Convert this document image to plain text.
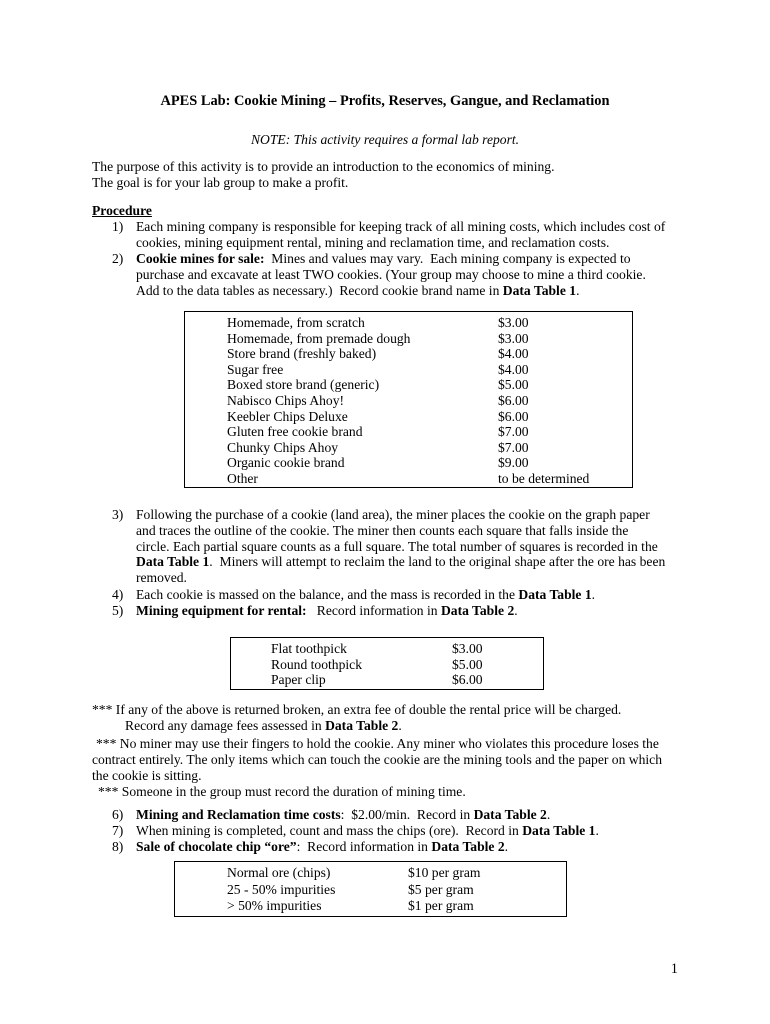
APES Lab: Cookie Mining – Profits, Reserves, Gangue, and Reclamation
NOTE: This activity requires a formal lab report.
The purpose of this activity is to provide an introduction to the economics of mining.
The goal is for your lab group to make a profit.
Procedure
1) Each mining company is responsible for keeping track of all mining costs, which includes cost of
cookies, mining equipment rental, mining and reclamation time, and reclamation costs.
2) Cookie mines for sale:  Mines and values may vary.  Each mining company is expected to
purchase and excavate at least TWO cookies. (Your group may choose to mine a third cookie.
Add to the data tables as necessary.)  Record cookie brand name in Data Table 1.
Homemade, from scratch	$3.00
Homemade, from premade dough	$3.00
Store brand (freshly baked)	$4.00
Sugar free	$4.00
Boxed store brand (generic)	$5.00
Nabisco Chips Ahoy!	$6.00
Keebler Chips Deluxe	$6.00
Gluten free cookie brand	$7.00
Chunky Chips Ahoy	$7.00
Organic cookie brand	$9.00
Other	to be determined
3) Following the purchase of a cookie (land area), the miner places the cookie on the graph paper
and traces the outline of the cookie. The miner then counts each square that falls inside the
circle. Each partial square counts as a full square. The total number of squares is recorded in the
Data Table 1.  Miners will attempt to reclaim the land to the original shape after the ore has been
removed.
4) Each cookie is massed on the balance, and the mass is recorded in the Data Table 1.
5) Mining equipment for rental:   Record information in Data Table 2.
Flat toothpick	$3.00
Round toothpick	$5.00
Paper clip	$6.00
*** If any of the above is returned broken, an extra fee of double the rental price will be charged.
Record any damage fees assessed in Data Table 2.
*** No miner may use their fingers to hold the cookie. Any miner who violates this procedure loses the
contract entirely. The only items which can touch the cookie are the mining tools and the paper on which
the cookie is sitting.
*** Someone in the group must record the duration of mining time.
6) Mining and Reclamation time costs:  $2.00/min.  Record in Data Table 2.
7) When mining is completed, count and mass the chips (ore).  Record in Data Table 1.
8) Sale of chocolate chip “ore”:  Record information in Data Table 2.
Normal ore (chips)	$10 per gram
25 - 50% impurities	$5 per gram
> 50% impurities	$1 per gram
1
